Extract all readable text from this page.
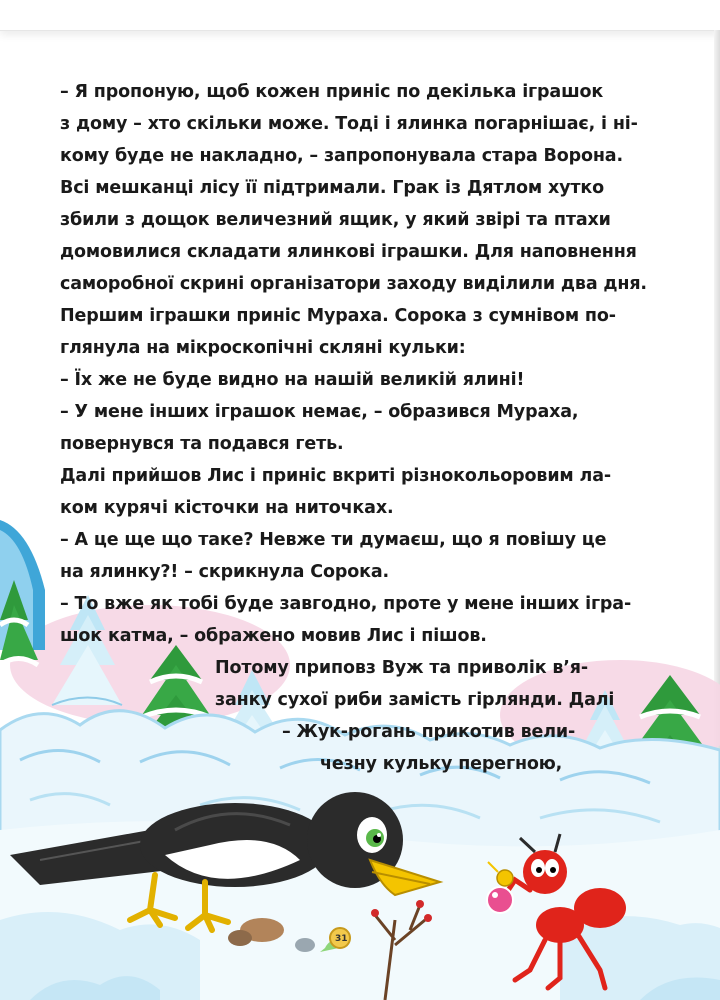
31
– Я пропоную, щоб кожен приніс по декілька іграшок
з дому – хто скільки може. Тоді і ялинка погарнішає, і ні-
кому буде не накладно, – запропонувала стара Ворона.
Всі мешканці лісу її підтримали. Грак із Дятлом хутко
збили з дощок величезний ящик, у який звірі та птахи
домовилися складати ялинкові іграшки. Для наповнення
саморобної скрині організатори заходу виділили два дня.
Першим іграшки приніс Мураха. Сорока з сумнівом по-
глянула на мікроскопічні скляні кульки:
– Їх же не буде видно на нашій великій ялині!
– У мене інших іграшок немає, – образився Мураха,
повернувся та подався геть.
Далі прийшов Лис і приніс вкриті різнокольоровим ла-
ком курячі кісточки на ниточках.
– А це ще що таке? Невже ти думаєш, що я повішу це
на ялинку?! – скрикнула Сорока.
– То вже як тобі буде завгодно, проте у мене інших ігра-
шок катма, – ображено мовив Лис і пішов.
Потому приповз Вуж та приволік в’я-
занку сухої риби замість гірлянди. Далі
– Жук-рогань прикотив вели-
чезну кульку перегною,
